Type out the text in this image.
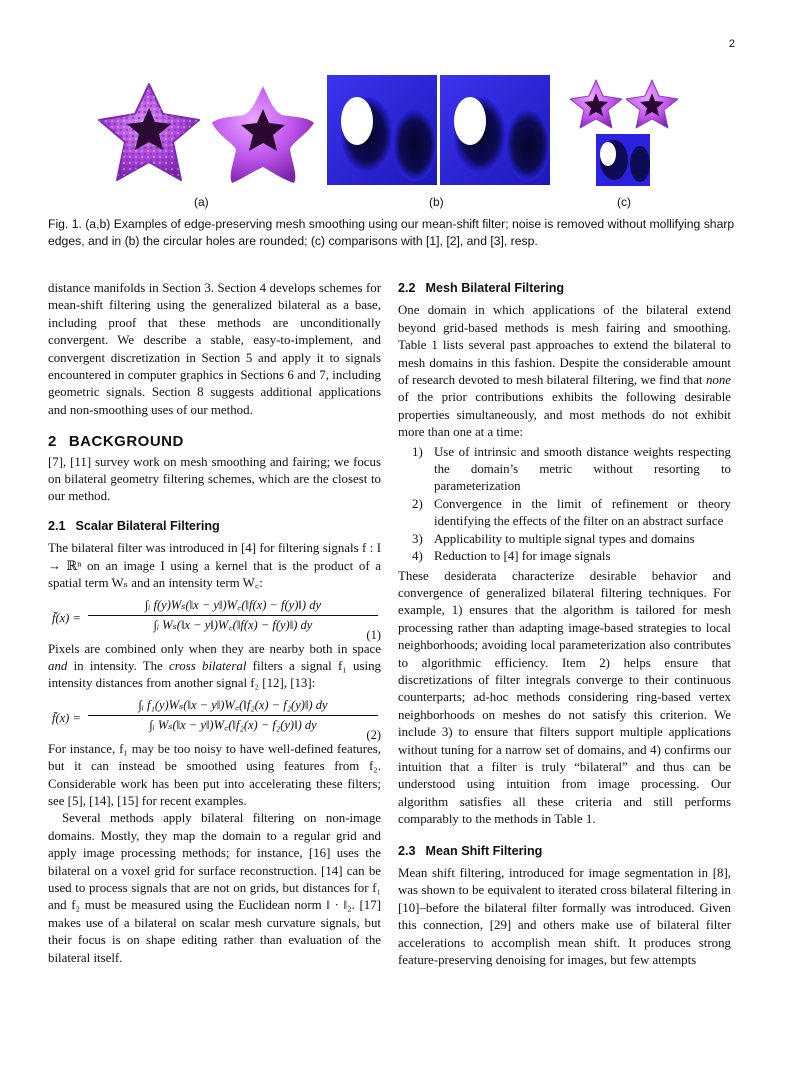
2
(a)	(b)	(c)
Fig. 1. (a,b) Examples of edge-preserving mesh smoothing using our mean-shift filter; noise is removed without mollifying sharp edges, and in (b) the circular holes are rounded; (c) comparisons with [1], [2], and [3], resp.

distance manifolds in Section 3. Section 4 develops schemes for mean-shift filtering using the generalized bilateral as a base, including proof that these methods are unconditionally convergent. We describe a stable, easy-to-implement, and convergent discretization in Section 5 and apply it to signals encountered in computer graphics in Sections 6 and 7, including geometric signals. Section 8 suggests additional applications and non-smoothing uses of our method.

2 BACKGROUND

[7], [11] survey work on mesh smoothing and fairing; we focus on bilateral geometry filtering schemes, which are the closest to our method.

2.1 Scalar Bilateral Filtering

The bilateral filter was introduced in [4] for filtering signals f : I → ℝⁿ on an image I using a kernel that is the product of a spatial term Wₛ and an intensity term W꜀:

f̄(x) = $\frac{\text{∫ᵢ f(y)Wₛ(‖x − y‖)W꜀(‖f(x) − f(y)‖) dy}}{\text{∫ᵢ Wₛ(‖x − y‖)W꜀(‖f(x) − f(y)‖) dy}}$
(1)

Pixels are combined only when they are nearby both in space and in intensity. The cross bilateral filters a signal f₁ using intensity distances from another signal f₂ [12], [13]:

f̄(x) = $\frac{\text{∫ᵢ f₁(y)Wₛ(‖x − y‖)W꜀(‖f₂(x) − f₂(y)‖) dy}}{\text{∫ᵢ Wₛ(‖x − y‖)W꜀(‖f₂(x) − f₂(y)‖) dy}}$
(2)

For instance, f₁ may be too noisy to have well-defined features, but it can instead be smoothed using features from f₂. Considerable work has been put into accelerating these filters; see [5], [14], [15] for recent examples.

Several methods apply bilateral filtering on non-image domains. Mostly, they map the domain to a regular grid and apply image processing methods; for instance, [16] uses the bilateral on a voxel grid for surface reconstruction. [14] can be used to process signals that are not on grids, but distances for f₁ and f₂ must be measured using the Euclidean norm ‖ · ‖₂. [17] makes use of a bilateral on scalar mesh curvature signals, but their focus is on shape editing rather than evaluation of the bilateral itself.

2.2 Mesh Bilateral Filtering

One domain in which applications of the bilateral extend beyond grid-based methods is mesh fairing and smoothing. Table 1 lists several past approaches to extend the bilateral to mesh domains in this fashion. Despite the considerable amount of research devoted to mesh bilateral filtering, we find that none of the prior contributions exhibits the following desirable properties simultaneously, and most methods do not exhibit more than one at a time:

1) Use of intrinsic and smooth distance weights respecting the domain’s metric without resorting to parameterization
2) Convergence in the limit of refinement or theory identifying the effects of the filter on an abstract surface
3) Applicability to multiple signal types and domains
4) Reduction to [4] for image signals

These desiderata characterize desirable behavior and convergence of generalized bilateral filtering techniques. For example, 1) ensures that the algorithm is tailored for mesh processing rather than adapting image-based strategies to local neighborhoods; avoiding local parameterization also contributes to algorithmic efficiency. Item 2) helps ensure that discretizations of filter integrals converge to their continuous counterparts; ad-hoc methods considering ring-based vertex neighborhoods on meshes do not satisfy this criterion. We include 3) to ensure that filters support multiple applications without tuning for a narrow set of domains, and 4) confirms our intuition that a filter is truly “bilateral” and thus can be understood using intuition from image processing. Our algorithm satisfies all these criteria and still performs comparably to the methods in Table 1.

2.3 Mean Shift Filtering

Mean shift filtering, introduced for image segmentation in [8], was shown to be equivalent to iterated cross bilateral filtering in [10]–before the bilateral filter formally was introduced. Given this connection, [29] and others make use of bilateral filter accelerations to accomplish mean shift. It produces strong feature-preserving denoising for images, but few attempts
